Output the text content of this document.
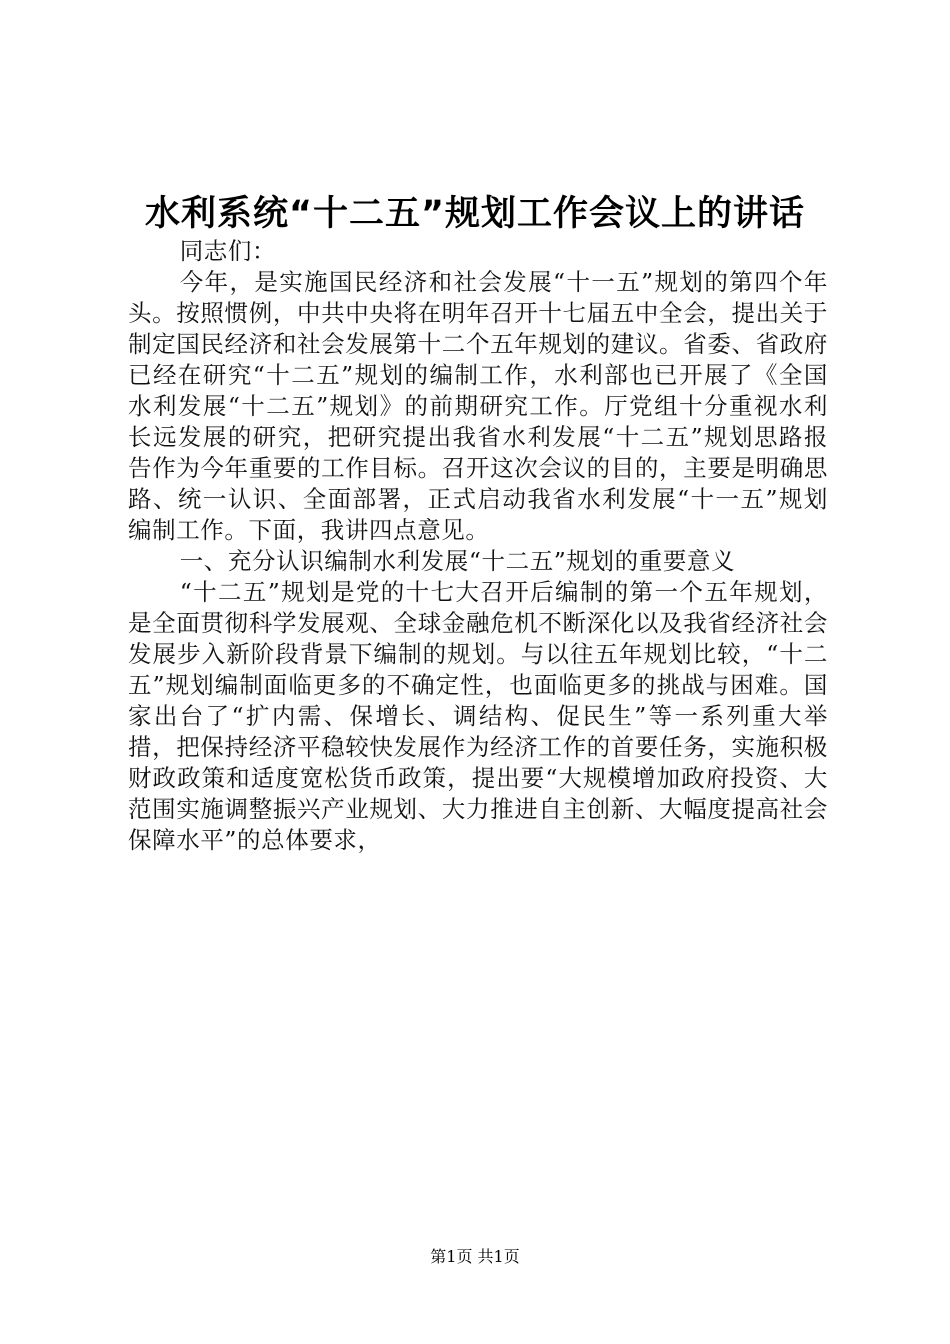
水利系统“十二五”规划工作会议上的讲话

同志们：

今年，是实施国民经济和社会发展“十一五”规划的第四个年头。按照惯例，中共中央将在明年召开十七届五中全会，提出关于制定国民经济和社会发展第十二个五年规划的建议。省委、省政府已经在研究“十二五”规划的编制工作，水利部也已开展了《全国水利发展“十二五”规划》的前期研究工作。厅党组十分重视水利长远发展的研究，把研究提出我省水利发展“十二五”规划思路报告作为今年重要的工作目标。召开这次会议的目的，主要是明确思路、统一认识、全面部署，正式启动我省水利发展“十一五”规划编制工作。下面，我讲四点意见。

一、充分认识编制水利发展“十二五”规划的重要意义

“十二五”规划是党的十七大召开后编制的第一个五年规划，是全面贯彻科学发展观、全球金融危机不断深化以及我省经济社会发展步入新阶段背景下编制的规划。与以往五年规划比较，“十二五”规划编制面临更多的不确定性，也面临更多的挑战与困难。国家出台了“扩内需、保增长、调结构、促民生”等一系列重大举措，把保持经济平稳较快发展作为经济工作的首要任务，实施积极财政政策和适度宽松货币政策，提出要“大规模增加政府投资、大范围实施调整振兴产业规划、大力推进自主创新、大幅度提高社会保障水平”的总体要求，

第1页 共1页
